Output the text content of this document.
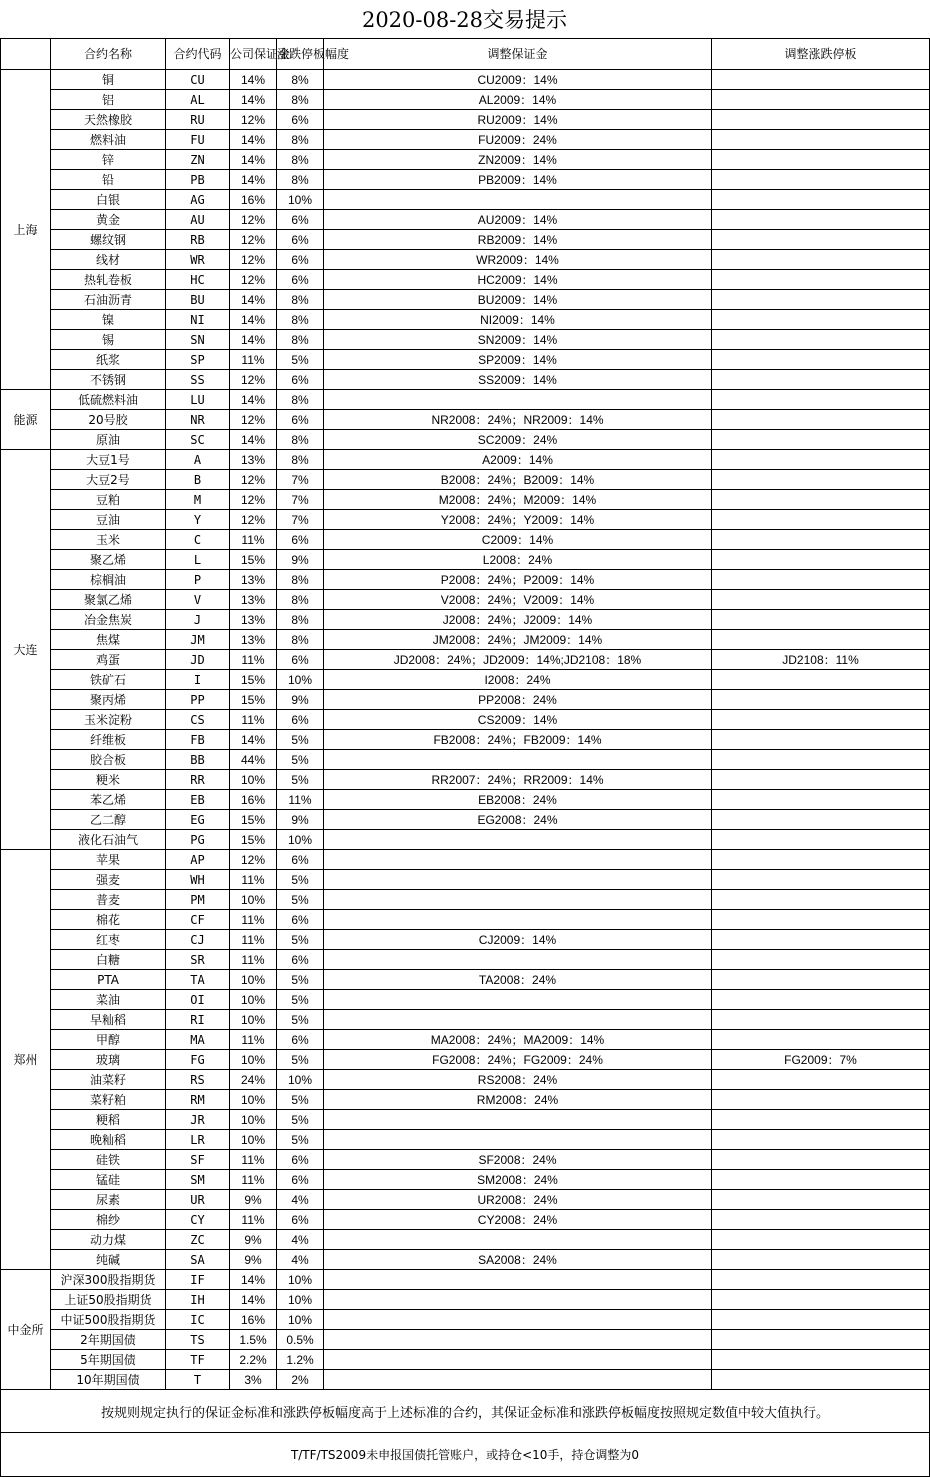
2020-08-28交易提示
	合约名称	合约代码	公司保证金	涨跌停板幅度	调整保证金	调整涨跌停板
上海	铜	CU	14%	8%	CU2009：14%	
	铝	AL	14%	8%	AL2009：14%	
	天然橡胶	RU	12%	6%	RU2009：14%	
	燃料油	FU	14%	8%	FU2009：24%	
	锌	ZN	14%	8%	ZN2009：14%	
	铅	PB	14%	8%	PB2009：14%	
	白银	AG	16%	10%		
	黄金	AU	12%	6%	AU2009：14%	
	螺纹钢	RB	12%	6%	RB2009：14%	
	线材	WR	12%	6%	WR2009：14%	
	热轧卷板	HC	12%	6%	HC2009：14%	
	石油沥青	BU	14%	8%	BU2009：14%	
	镍	NI	14%	8%	NI2009：14%	
	锡	SN	14%	8%	SN2009：14%	
	纸浆	SP	11%	5%	SP2009：14%	
	不锈钢	SS	12%	6%	SS2009：14%	
能源	低硫燃料油	LU	14%	8%		
	20号胶	NR	12%	6%	NR2008：24%；NR2009：14%	
	原油	SC	14%	8%	SC2009：24%	
大连	大豆1号	A	13%	8%	A2009：14%	
	大豆2号	B	12%	7%	B2008：24%；B2009：14%	
	豆粕	M	12%	7%	M2008：24%；M2009：14%	
	豆油	Y	12%	7%	Y2008：24%；Y2009：14%	
	玉米	C	11%	6%	C2009：14%	
	聚乙烯	L	15%	9%	L2008：24%	
	棕榈油	P	13%	8%	P2008：24%；P2009：14%	
	聚氯乙烯	V	13%	8%	V2008：24%；V2009：14%	
	冶金焦炭	J	13%	8%	J2008：24%；J2009：14%	
	焦煤	JM	13%	8%	JM2008：24%；JM2009：14%	
	鸡蛋	JD	11%	6%	JD2008：24%；JD2009：14%;JD2108：18%	JD2108：11%
	铁矿石	I	15%	10%	I2008：24%	
	聚丙烯	PP	15%	9%	PP2008：24%	
	玉米淀粉	CS	11%	6%	CS2009：14%	
	纤维板	FB	14%	5%	FB2008：24%；FB2009：14%	
	胶合板	BB	44%	5%		
	粳米	RR	10%	5%	RR2007：24%；RR2009：14%	
	苯乙烯	EB	16%	11%	EB2008：24%	
	乙二醇	EG	15%	9%	EG2008：24%	
	液化石油气	PG	15%	10%		
郑州	苹果	AP	12%	6%		
	强麦	WH	11%	5%		
	普麦	PM	10%	5%		
	棉花	CF	11%	6%		
	红枣	CJ	11%	5%	CJ2009：14%	
	白糖	SR	11%	6%		
	PTA	TA	10%	5%	TA2008：24%	
	菜油	OI	10%	5%		
	早籼稻	RI	10%	5%		
	甲醇	MA	11%	6%	MA2008：24%；MA2009：14%	
	玻璃	FG	10%	5%	FG2008：24%；FG2009：24%	FG2009：7%
	油菜籽	RS	24%	10%	RS2008：24%	
	菜籽粕	RM	10%	5%	RM2008：24%	
	粳稻	JR	10%	5%		
	晚籼稻	LR	10%	5%		
	硅铁	SF	11%	6%	SF2008：24%	
	锰硅	SM	11%	6%	SM2008：24%	
	尿素	UR	9%	4%	UR2008：24%	
	棉纱	CY	11%	6%	CY2008：24%	
	动力煤	ZC	9%	4%		
	纯碱	SA	9%	4%	SA2008：24%	
中金所	沪深300股指期货	IF	14%	10%		
	上证50股指期货	IH	14%	10%		
	中证500股指期货	IC	16%	10%		
	2年期国债	TS	1.5%	0.5%		
	5年期国债	TF	2.2%	1.2%		
	10年期国债	T	3%	2%		
按规则规定执行的保证金标准和涨跌停板幅度高于上述标准的合约，其保证金标准和涨跌停板幅度按照规定数值中较大值执行。						
T/TF/TS2009未申报国债托管账户，或持仓<10手，持仓调整为0						
